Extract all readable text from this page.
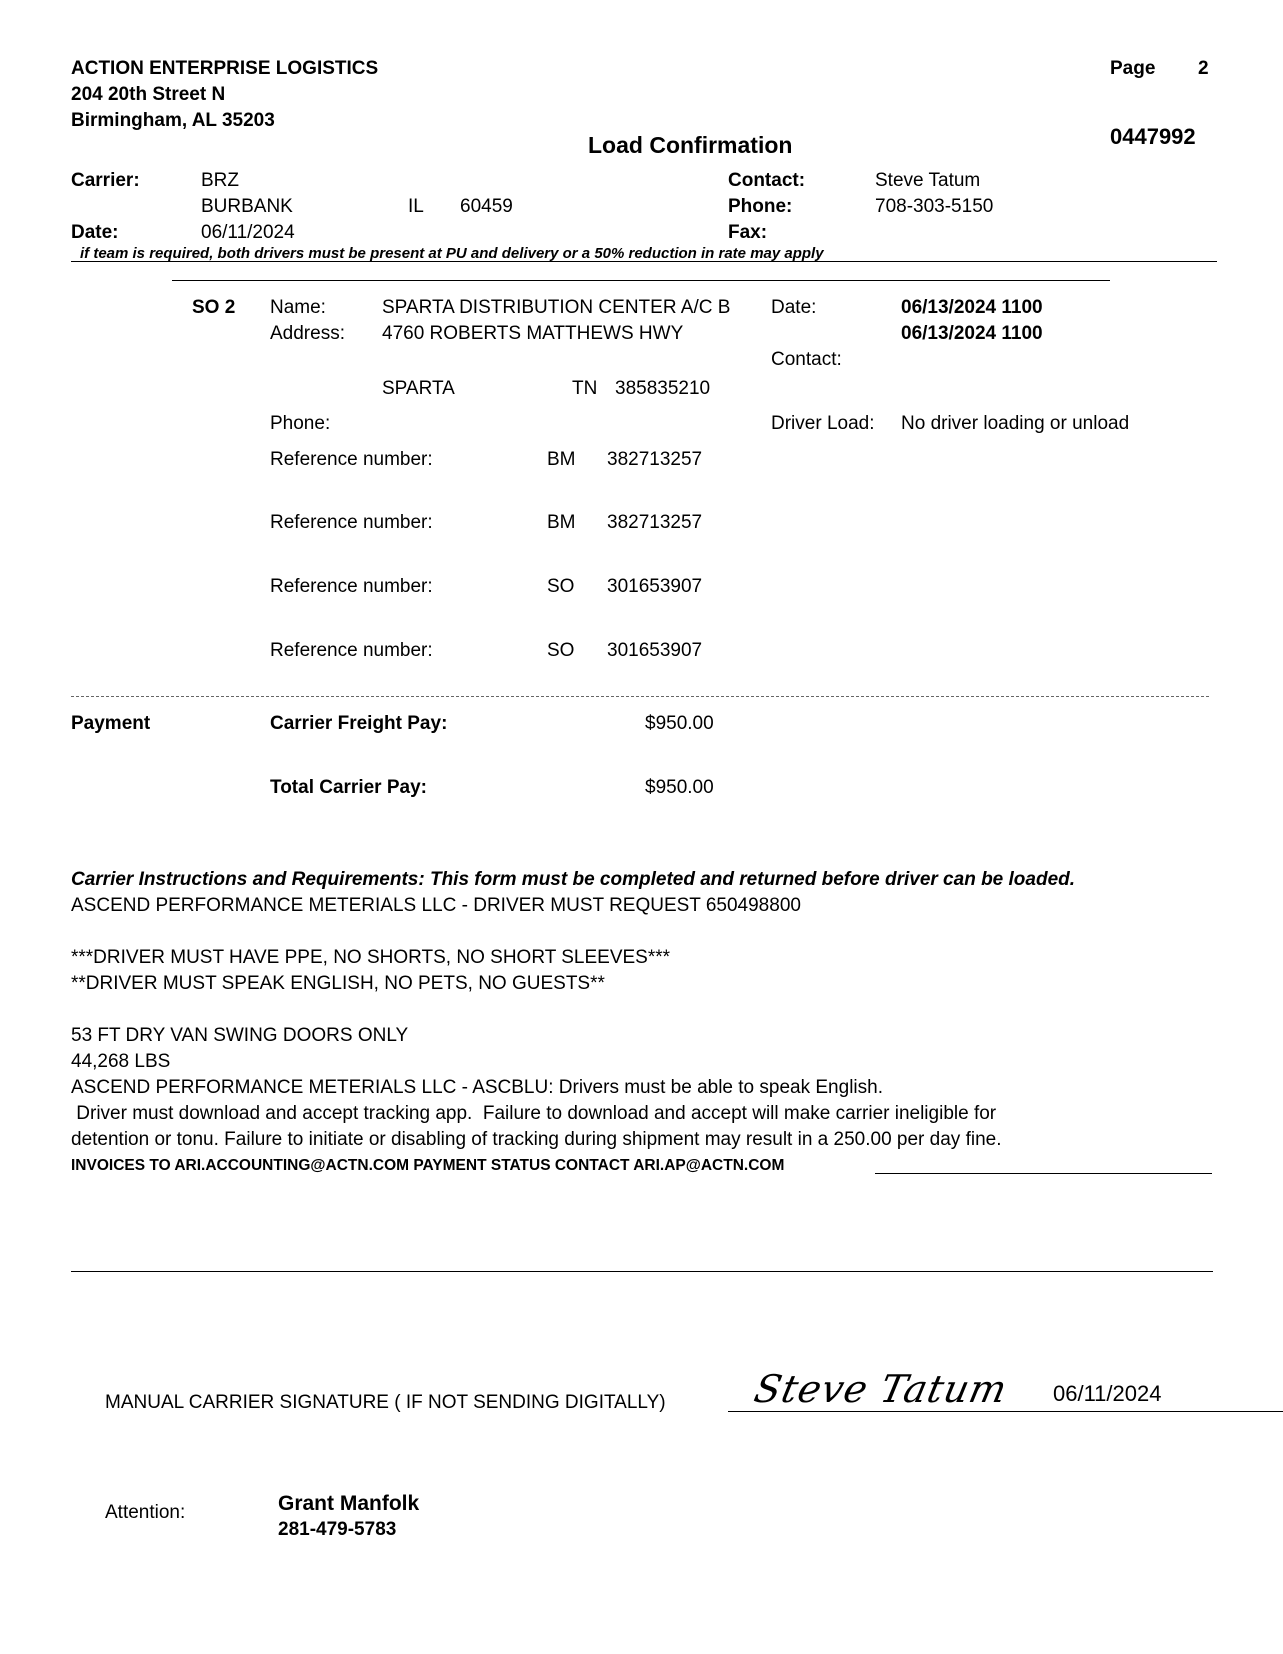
ACTION ENTERPRISE LOGISTICS
204 20th Street N
Birmingham, AL 35203
Page 2
Load Confirmation	0447992
Carrier:	BRZ
BURBANK	IL 60459
Date:	06/11/2024
Contact:	Steve Tatum
Phone:	708-303-5150
Fax:
if team is required, both drivers must be present at PU and delivery or a 50% reduction in rate may apply
SO 2 Name:	SPARTA DISTRIBUTION CENTER A/C B Date:	06/13/2024 1100
Address: 4760 ROBERTS MATTHEWS HWY	06/13/2024 1100
Contact:
SPARTA	TN 385835210
Phone:	Driver Load: No driver loading or unload
Reference number:	BM 382713257
Reference number:	BM 382713257
Reference number:	SO 301653907
Reference number:	SO 301653907
Payment	Carrier Freight Pay:	$950.00
Total Carrier Pay:	$950.00
Carrier Instructions and Requirements: This form must be completed and returned before driver can be loaded.
ASCEND PERFORMANCE METERIALS LLC - DRIVER MUST REQUEST 650498800
***DRIVER MUST HAVE PPE, NO SHORTS, NO SHORT SLEEVES***
**DRIVER MUST SPEAK ENGLISH, NO PETS, NO GUESTS**
53 FT DRY VAN SWING DOORS ONLY
44,268 LBS
ASCEND PERFORMANCE METERIALS LLC - ASCBLU: Drivers must be able to speak English.
Driver must download and accept tracking app.  Failure to download and accept will make carrier ineligible for
detention or tonu. Failure to initiate or disabling of tracking during shipment may result in a 250.00 per day fine.
INVOICES TO ARI.ACCOUNTING@ACTN.COM PAYMENT STATUS CONTACT ARI.AP@ACTN.COM
MANUAL CARRIER SIGNATURE ( IF NOT SENDING DIGITALLY) Steve Tatum 06/11/2024
Attention:	Grant Manfolk
281-479-5783
